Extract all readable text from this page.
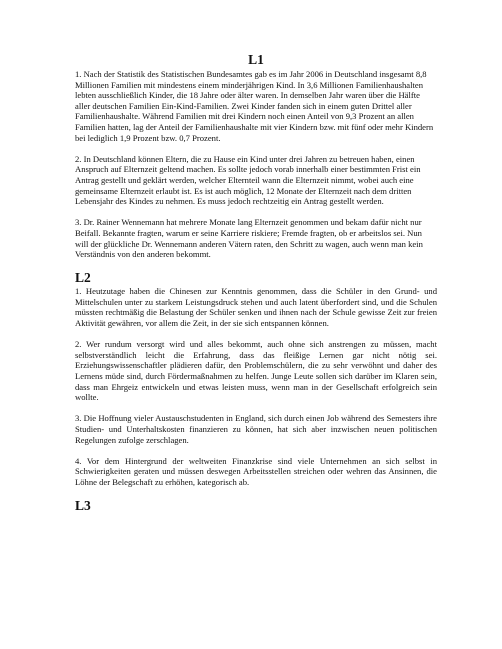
L1

1. Nach der Statistik des Statistischen Bundesamtes gab es im Jahr 2006 in Deutschland insgesamt 8,8 Millionen Familien mit mindestens einem minderjährigen Kind. In 3,6 Millionen Familienhaushalten lebten ausschließlich Kinder, die 18 Jahre oder älter waren. In demselben Jahr waren über die Hälfte aller deutschen Familien Ein-Kind-Familien. Zwei Kinder fanden sich in einem guten Drittel aller Familienhaushalte. Während Familien mit drei Kindern noch einen Anteil von 9,3 Prozent an allen Familien hatten, lag der Anteil der Familienhaushalte mit vier Kindern bzw. mit fünf oder mehr Kindern bei lediglich 1,9 Prozent bzw. 0,7 Prozent.

2. In Deutschland können Eltern, die zu Hause ein Kind unter drei Jahren zu betreuen haben, einen Anspruch auf Elternzeit geltend machen. Es sollte jedoch vorab innerhalb einer bestimmten Frist ein Antrag gestellt und geklärt werden, welcher Elternteil wann die Elternzeit nimmt, wobei auch eine gemeinsame Elternzeit erlaubt ist. Es ist auch möglich, 12 Monate der Elternzeit nach dem dritten Lebensjahr des Kindes zu nehmen. Es muss jedoch rechtzeitig ein Antrag gestellt werden.

3. Dr. Rainer Wennemann hat mehrere Monate lang Elternzeit genommen und bekam dafür nicht nur Beifall. Bekannte fragten, warum er seine Karriere riskiere; Fremde fragten, ob er arbeitslos sei. Nun will der glückliche Dr. Wennemann anderen Vätern raten, den Schritt zu wagen, auch wenn man kein Verständnis von den anderen bekommt.

L2

1. Heutzutage haben die Chinesen zur Kenntnis genommen, dass die Schüler in den Grund- und Mittelschulen unter zu starkem Leistungsdruck stehen und auch latent überfordert sind, und die Schulen müssten rechtmäßig die Belastung der Schüler senken und ihnen nach der Schule gewisse Zeit zur freien Aktivität gewähren, vor allem die Zeit, in der sie sich entspannen können.

2. Wer rundum versorgt wird und alles bekommt, auch ohne sich anstrengen zu müssen, macht selbstverständlich leicht die Erfahrung, dass das fleißige Lernen gar nicht nötig sei. Erziehungswissenschaftler plädieren dafür, den Problemschülern, die zu sehr verwöhnt und daher des Lernens müde sind, durch Fördermaßnahmen zu helfen. Junge Leute sollen sich darüber im Klaren sein, dass man Ehrgeiz entwickeln und etwas leisten muss, wenn man in der Gesellschaft erfolgreich sein wollte.

3. Die Hoffnung vieler Austauschstudenten in England, sich durch einen Job während des Semesters ihre Studien- und Unterhaltskosten finanzieren zu können, hat sich aber inzwischen neuen politischen Regelungen zufolge zerschlagen.

4. Vor dem Hintergrund der weltweiten Finanzkrise sind viele Unternehmen an sich selbst in Schwierigkeiten geraten und müssen deswegen Arbeitsstellen streichen oder wehren das Ansinnen, die Löhne der Belegschaft zu erhöhen, kategorisch ab.

L3
